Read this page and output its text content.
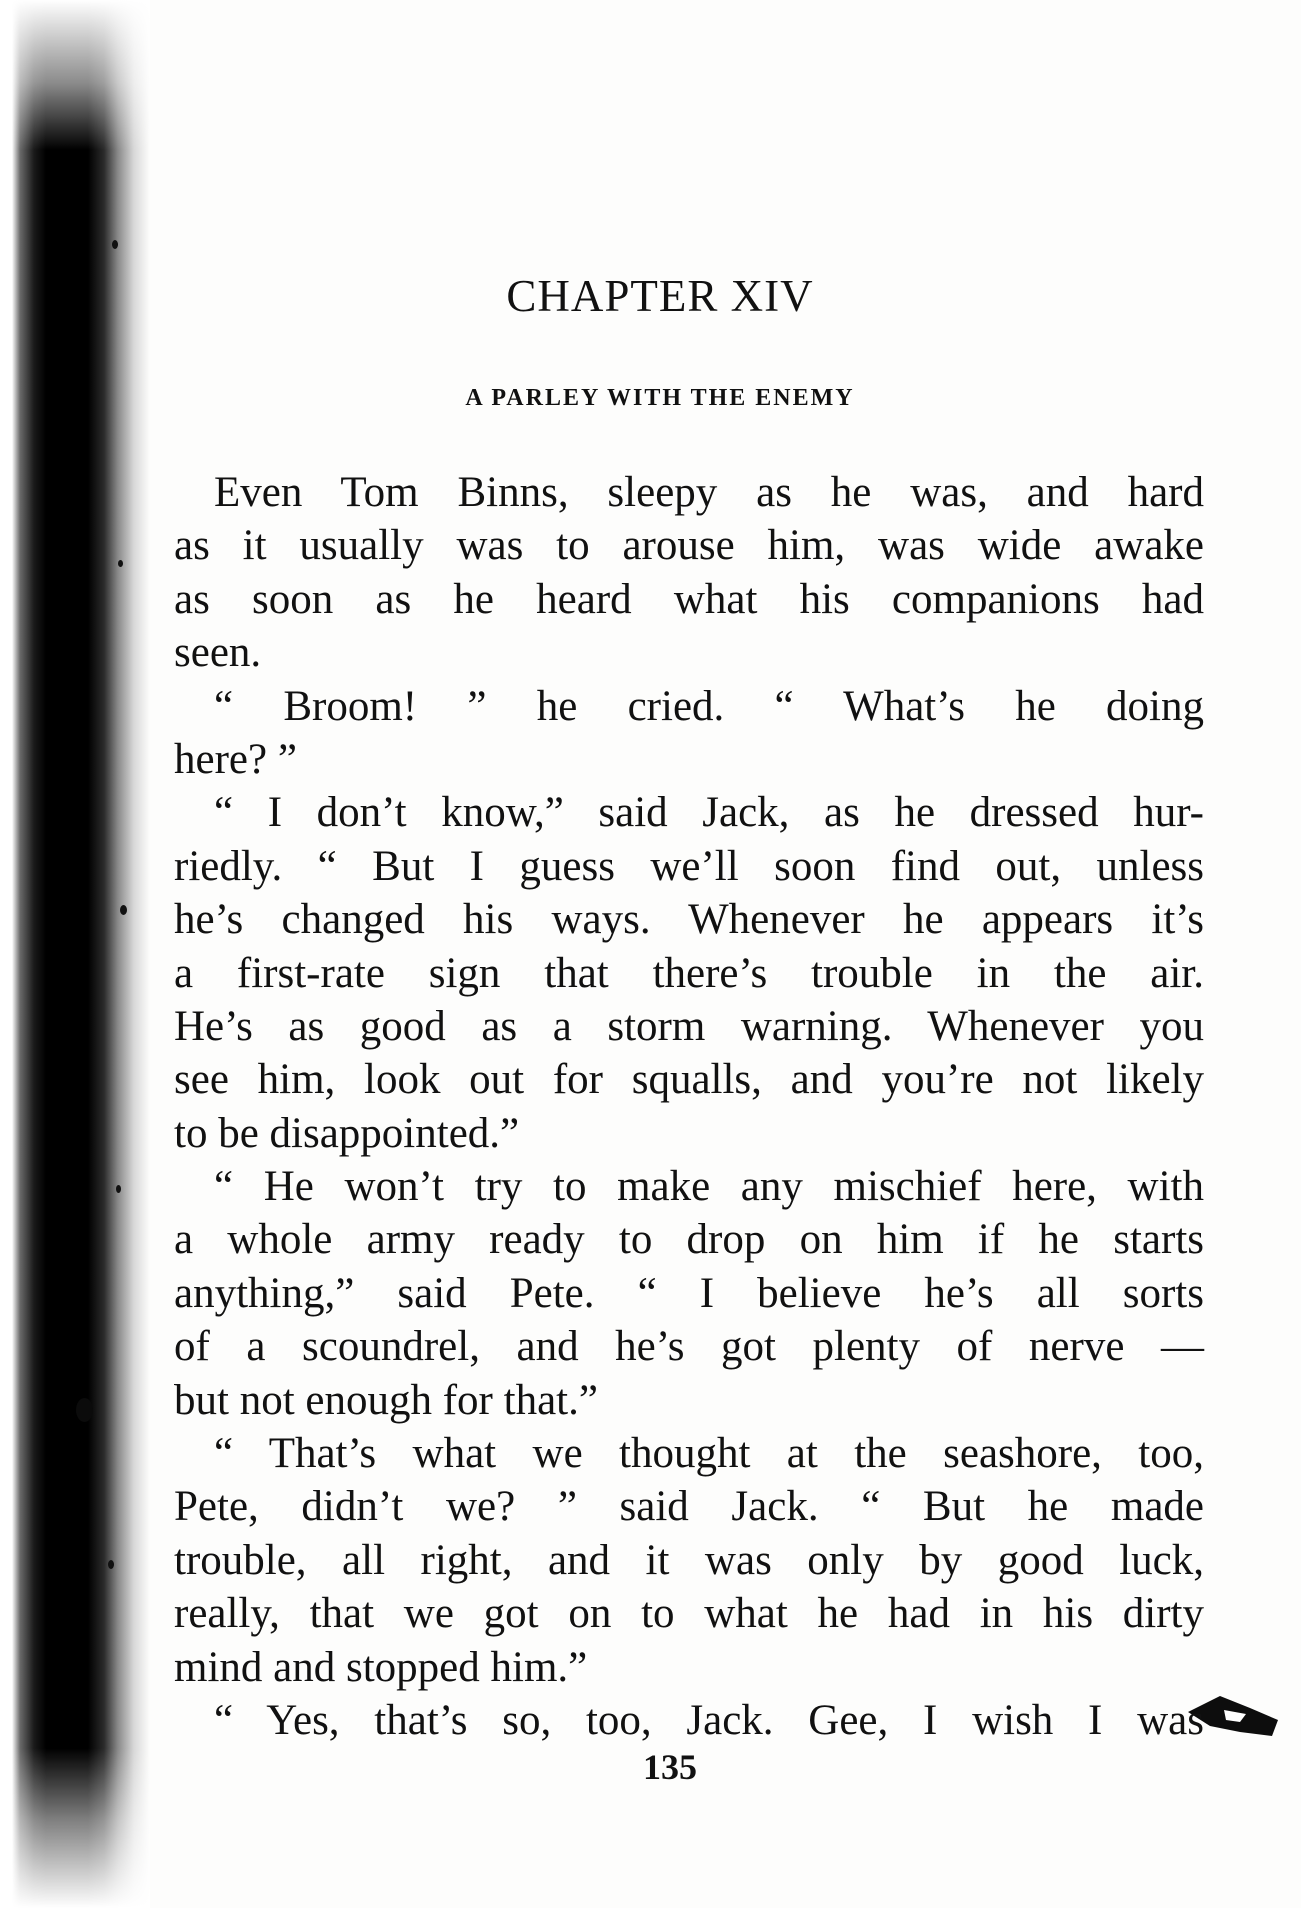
CHAPTER XIV
A PARLEY WITH THE ENEMY
Even Tom Binns, sleepy as he was, and hard
as it usually was to arouse him, was wide awake
as soon as he heard what his companions had
seen.
“ Broom! ” he cried. “ What’s he doing
here? ”
“ I don’t know,” said Jack, as he dressed hur-
riedly. “ But I guess we’ll soon find out, unless
he’s changed his ways. Whenever he appears it’s
a first-rate sign that there’s trouble in the air.
He’s as good as a storm warning. Whenever you
see him, look out for squalls, and you’re not likely
to be disappointed.”
“ He won’t try to make any mischief here, with
a whole army ready to drop on him if he starts
anything,” said Pete. “ I believe he’s all sorts
of a scoundrel, and he’s got plenty of nerve —
but not enough for that.”
“ That’s what we thought at the seashore, too,
Pete, didn’t we? ” said Jack. “ But he made
trouble, all right, and it was only by good luck,
really, that we got on to what he had in his dirty
mind and stopped him.”
“ Yes, that’s so, too, Jack. Gee, I wish I was
135
